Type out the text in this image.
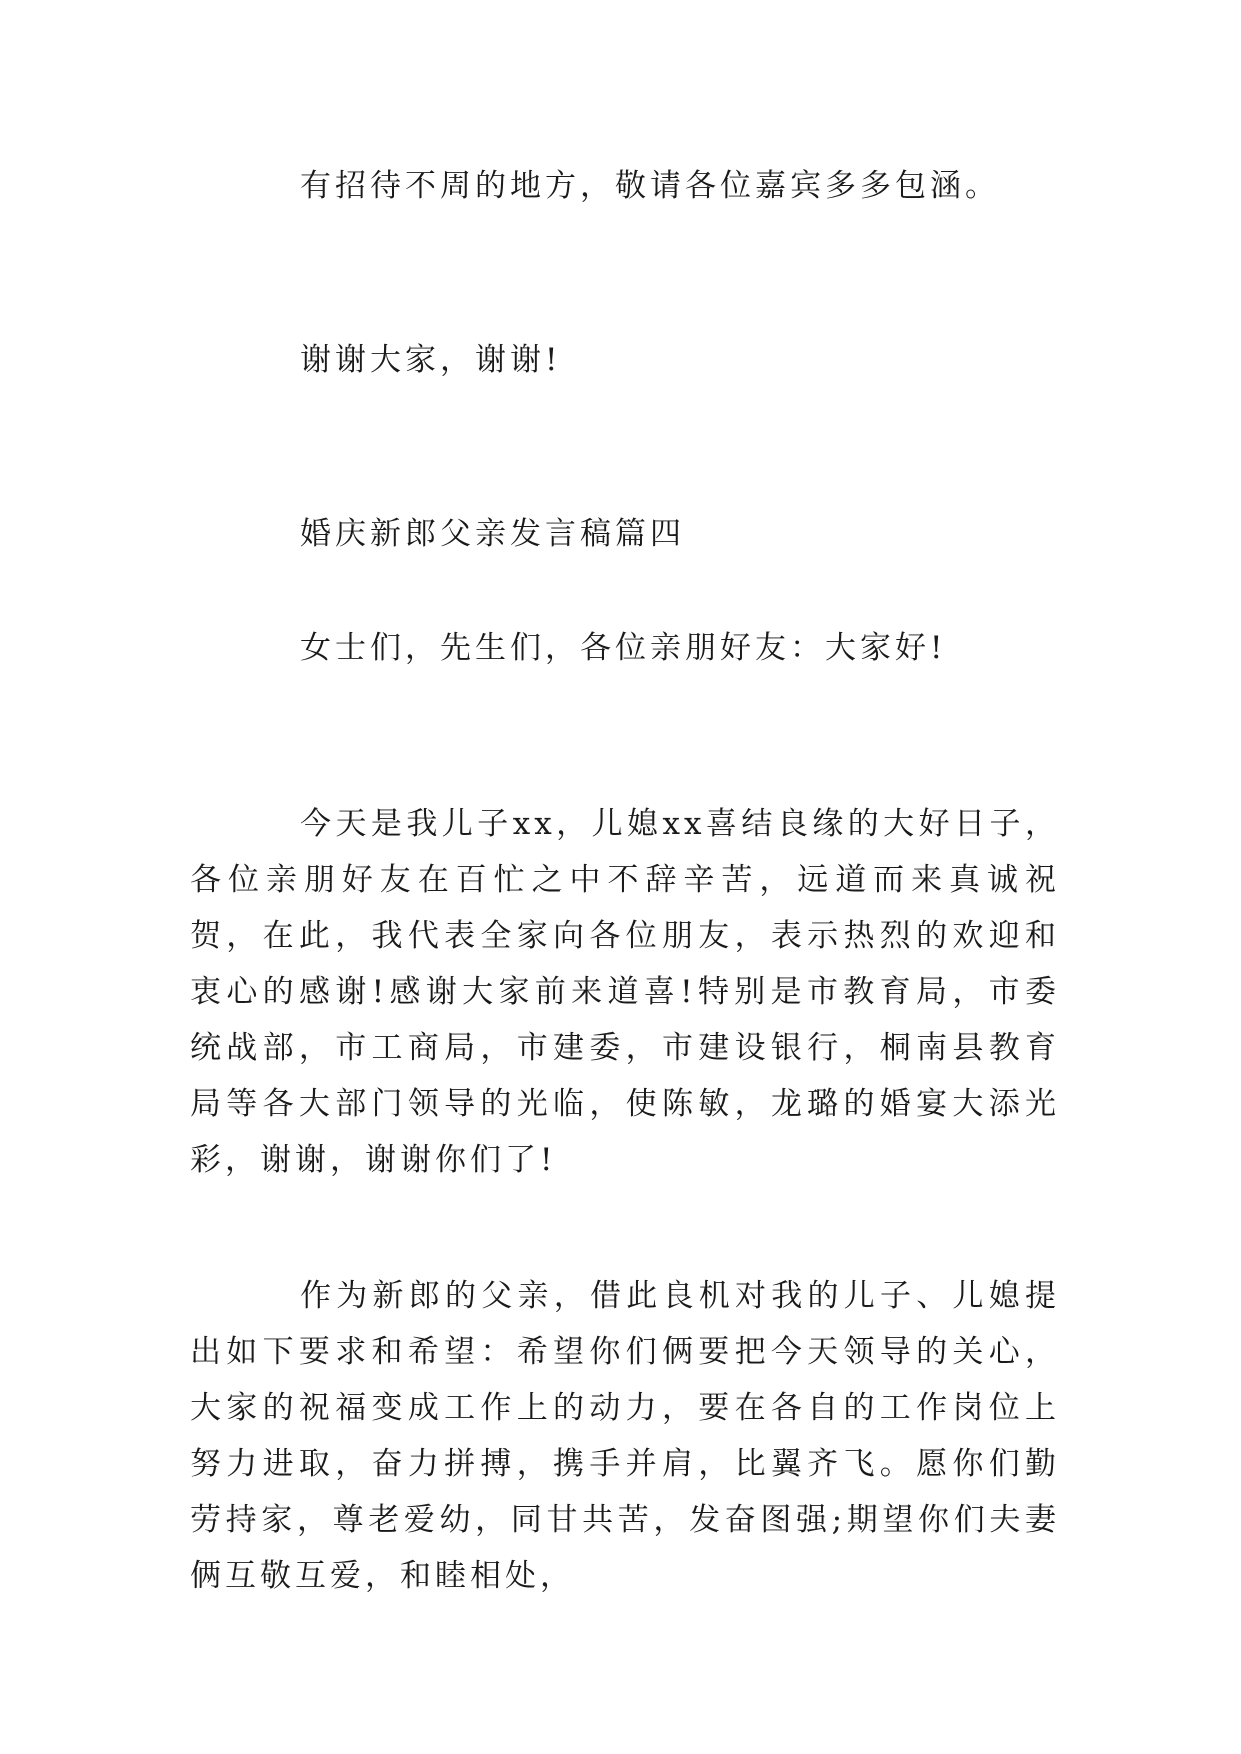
有招待不周的地方，敬请各位嘉宾多多包涵。
谢谢大家，谢谢!
婚庆新郎父亲发言稿篇四
女士们，先生们，各位亲朋好友：大家好!

今天是我儿子xx，儿媳xx喜结良缘的大好日子，各位亲朋好友在百忙之中不辞辛苦，远道而来真诚祝贺，在此，我代表全家向各位朋友，表示热烈的欢迎和衷心的感谢!感谢大家前来道喜!特别是市教育局，市委统战部，市工商局，市建委，市建设银行，桐南县教育局等各大部门领导的光临，使陈敏，龙璐的婚宴大添光彩，谢谢，谢谢你们了!

作为新郎的父亲，借此良机对我的儿子、儿媳提出如下要求和希望：希望你们俩要把今天领导的关心，大家的祝福变成工作上的动力，要在各自的工作岗位上努力进取，奋力拼搏，携手并肩，比翼齐飞。愿你们勤劳持家，尊老爱幼，同甘共苦，发奋图强;期望你们夫妻俩互敬互爱，和睦相处，
